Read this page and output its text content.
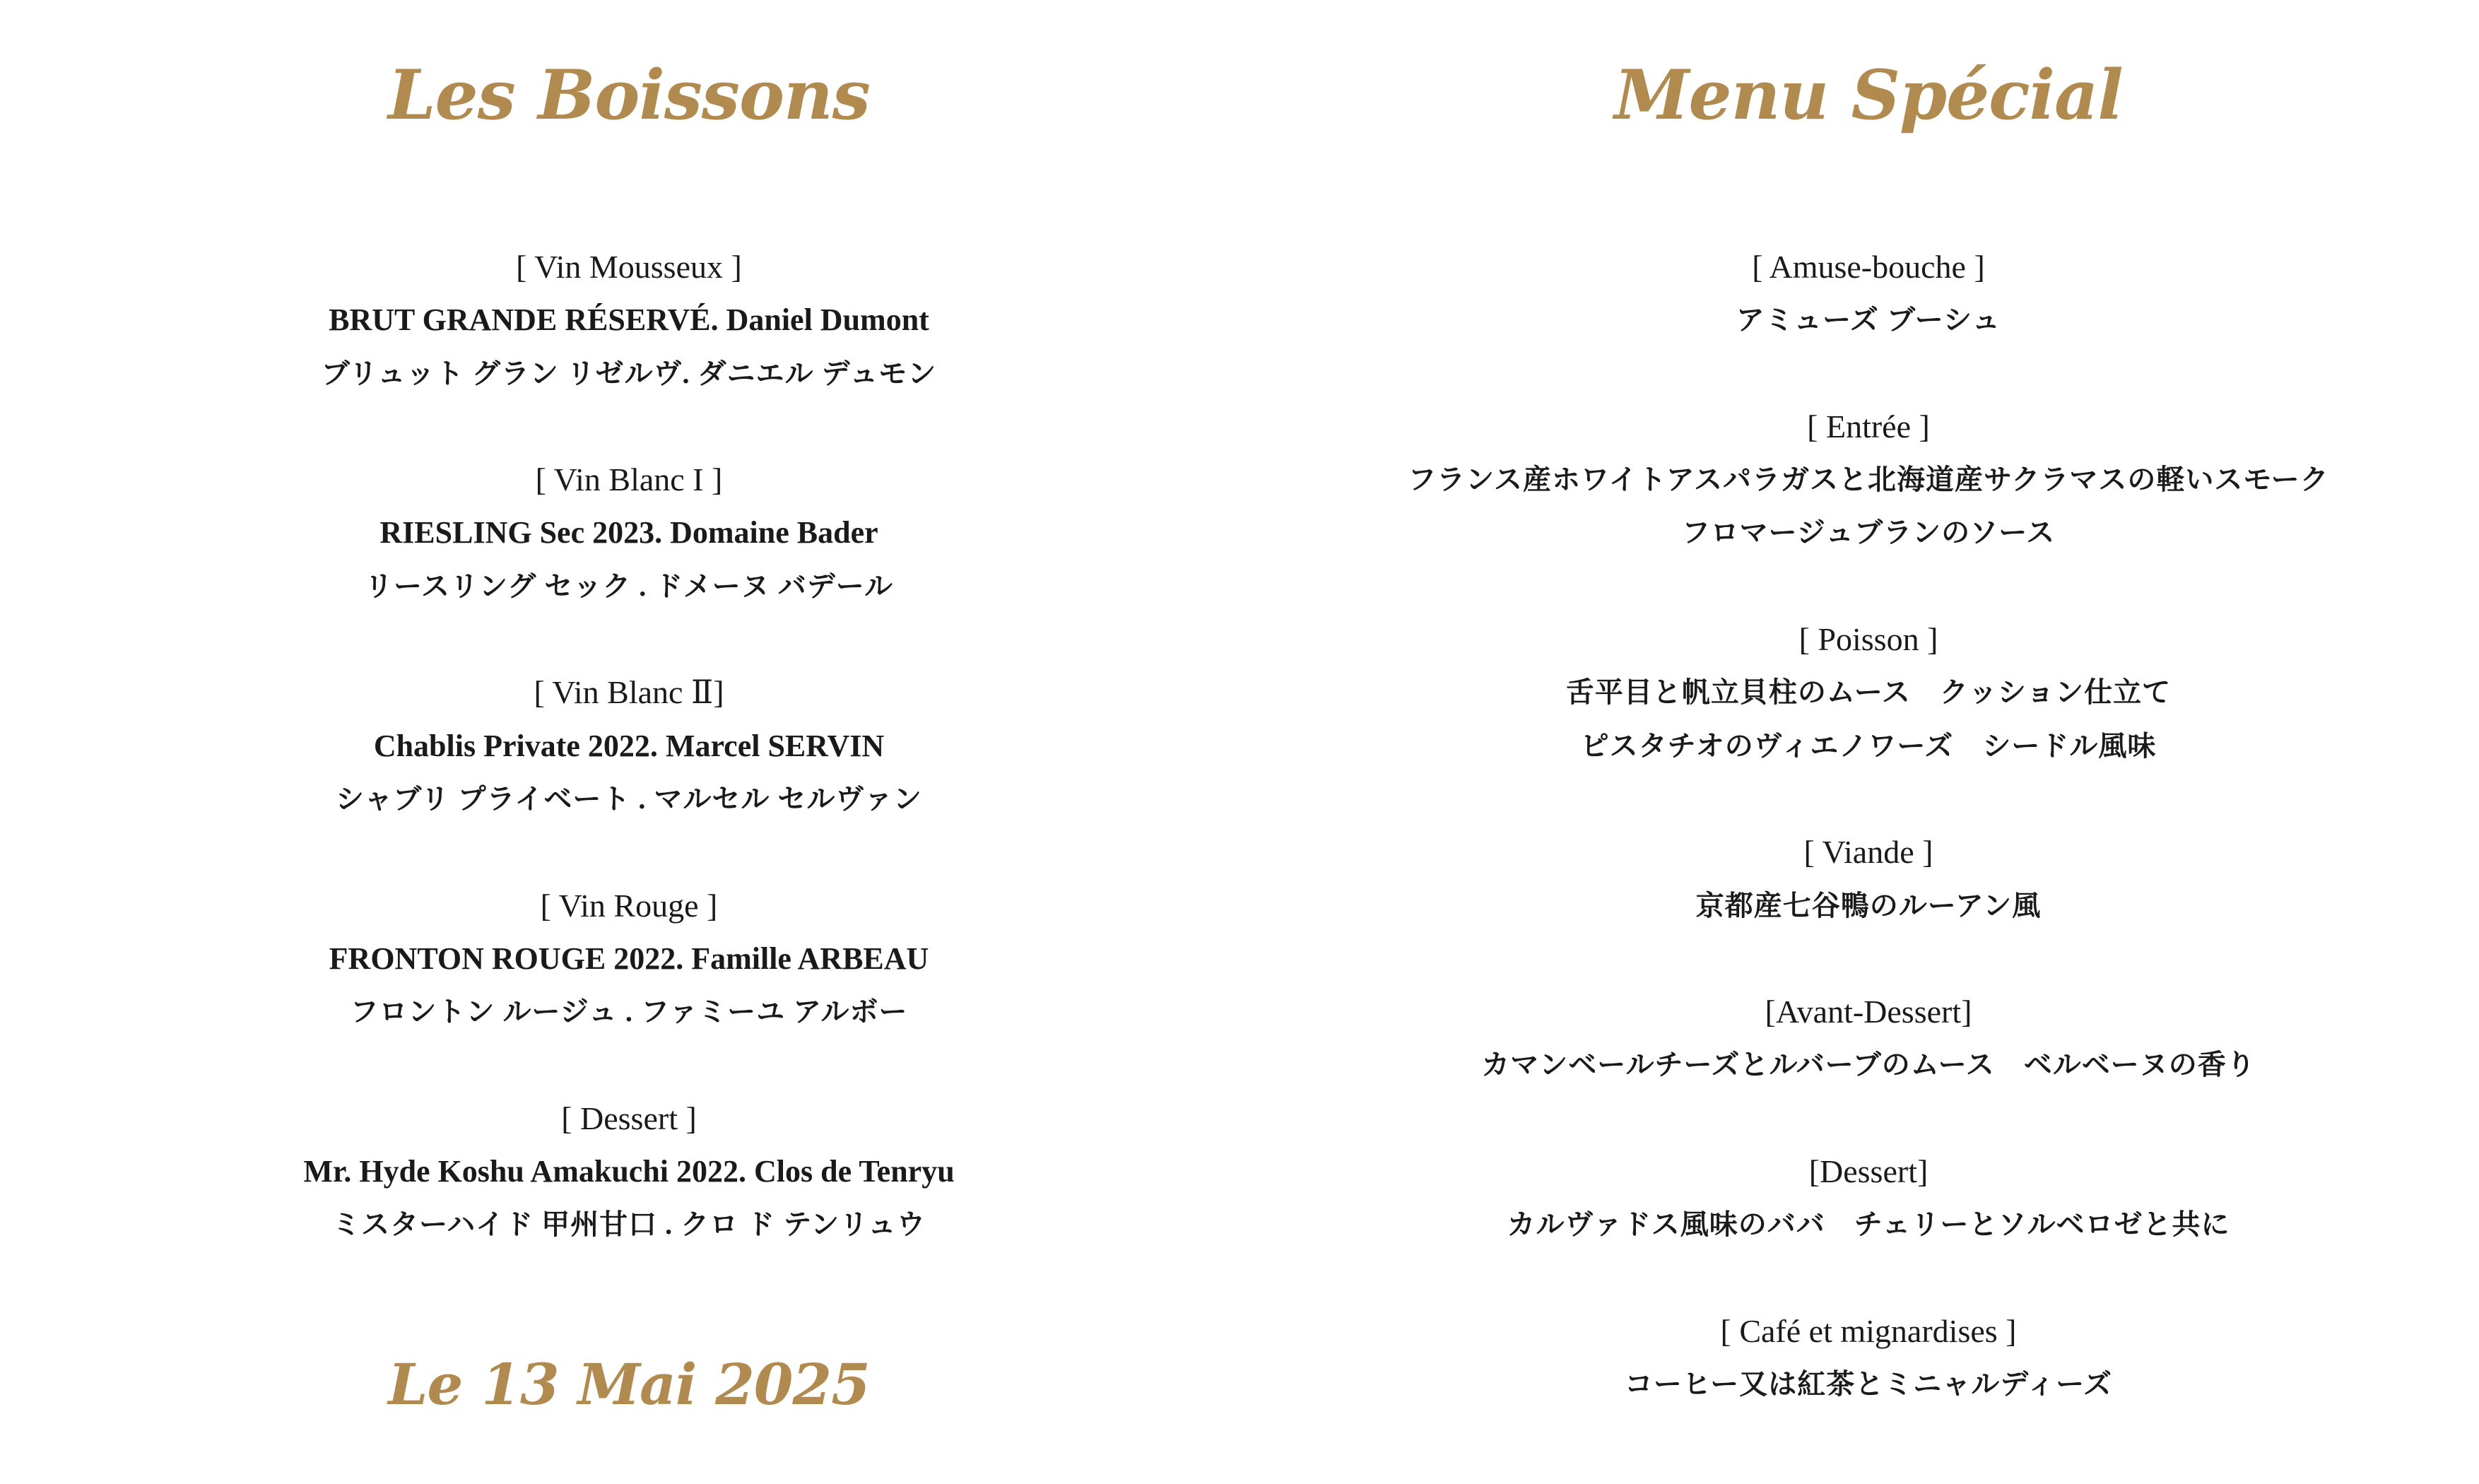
Les Boissons
[ Vin Mousseux ]
BRUT GRANDE RÉSERVÉ. Daniel Dumont
ブリュット グラン リゼルヴ. ダニエル デュモン
[ Vin Blanc I ]
RIESLING Sec 2023. Domaine Bader
リースリング セック . ドメーヌ バデール
[ Vin Blanc Ⅱ]
Chablis Private 2022. Marcel SERVIN
シャブリ プライベート . マルセル セルヴァン
[ Vin Rouge ]
FRONTON ROUGE 2022. Famille ARBEAU
フロントン ルージュ . ファミーユ アルボー
[ Dessert ]
Mr. Hyde Koshu Amakuchi 2022. Clos de Tenryu
ミスターハイド 甲州甘口 . クロ ド テンリュウ
Le 13 Mai 2025
Menu Spécial
[ Amuse-bouche ]
アミューズ ブーシュ
[ Entrée ]
フランス産ホワイトアスパラガスと北海道産サクラマスの軽いスモーク
フロマージュブランのソース
[ Poisson ]
舌平目と帆立貝柱のムース　クッション仕立て
ピスタチオのヴィエノワーズ　シードル風味
[ Viande ]
京都産七谷鴨のルーアン風
[Avant-Dessert]
カマンベールチーズとルバーブのムース　ベルベーヌの香り
[Dessert]
カルヴァドス風味のババ　チェリーとソルベロゼと共に
[ Café et mignardises ]
コーヒー又は紅茶とミニャルディーズ
